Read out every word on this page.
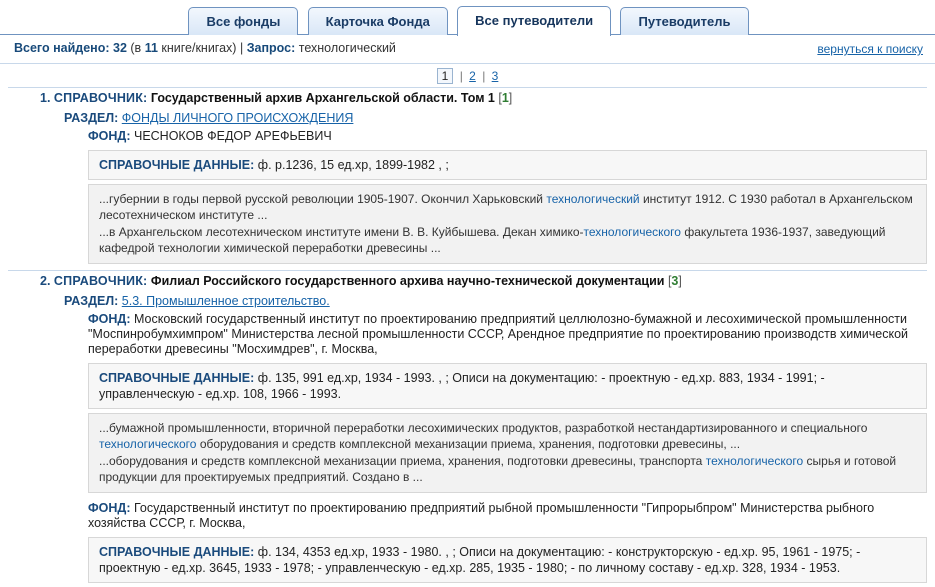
Все фонды	Карточка Фонда	Все путеводители	Путеводитель
Всего найдено: 32 (в 11 книге/книгах) | Запрос: технологический	вернуться к поиску
1 | 2 | 3
1. СПРАВОЧНИК: Государственный архив Архангельской области. Том 1 [1]
РАЗДЕЛ: ФОНДЫ ЛИЧНОГО ПРОИСХОЖДЕНИЯ
ФОНД: ЧЕСНОКОВ ФЕДОР АРЕФЬЕВИЧ
СПРАВОЧНЫЕ ДАННЫЕ: ф. р.1236, 15 ед.хр, 1899-1982 , ;

...губернии в годы первой русской революции 1905-1907. Окончил Харьковский технологический институт 1912. С 1930 работал в Архангельском лесотехническом институте ...

...в Архангельском лесотехническом институте имени В. В. Куйбышева. Декан химико-технологического факультета 1936-1937, заведующий кафедрой технологии химической переработки древесины ...

2. СПРАВОЧНИК: Филиал Российского государственного архива научно-технической документации [3]
РАЗДЕЛ: 5.3. Промышленное строительство.
ФОНД: Московский государственный институт по проектированию предприятий целлюлозно-бумажной и лесохимической промышленности "Моспинробумхимпром" Министерства лесной промышленности СССР, Арендное предприятие по проектированию производств химической переработки древесины "Мосхимдрев", г. Москва,
СПРАВОЧНЫЕ ДАННЫЕ: ф. 135, 991 ед.хр, 1934 - 1993. , ; Описи на документацию: - проектную - ед.хр. 883, 1934 - 1991; - управленческую - ед.хр. 108, 1966 - 1993.

...бумажной промышленности, вторичной переработки лесохимических продуктов, разработкой нестандартизированного и специального технологического оборудования и средств комплексной механизации приема, хранения, подготовки древесины, ...

...оборудования и средств комплексной механизации приема, хранения, подготовки древесины, транспорта технологического сырья и готовой продукции для проектируемых предприятий. Создано в ...

ФОНД: Государственный институт по проектированию предприятий рыбной промышленности "Гипрорыбпром" Министерства рыбного хозяйства СССР, г. Москва,
СПРАВОЧНЫЕ ДАННЫЕ: ф. 134, 4353 ед.хр, 1933 - 1980. , ; Описи на документацию: - конструкторскую - ед.хр. 95, 1961 - 1975; - проектную - ед.хр. 3645, 1933 - 1978; - управленческую - ед.хр. 285, 1935 - 1980; - по личному составу - ед.хр. 328, 1934 - 1953.
